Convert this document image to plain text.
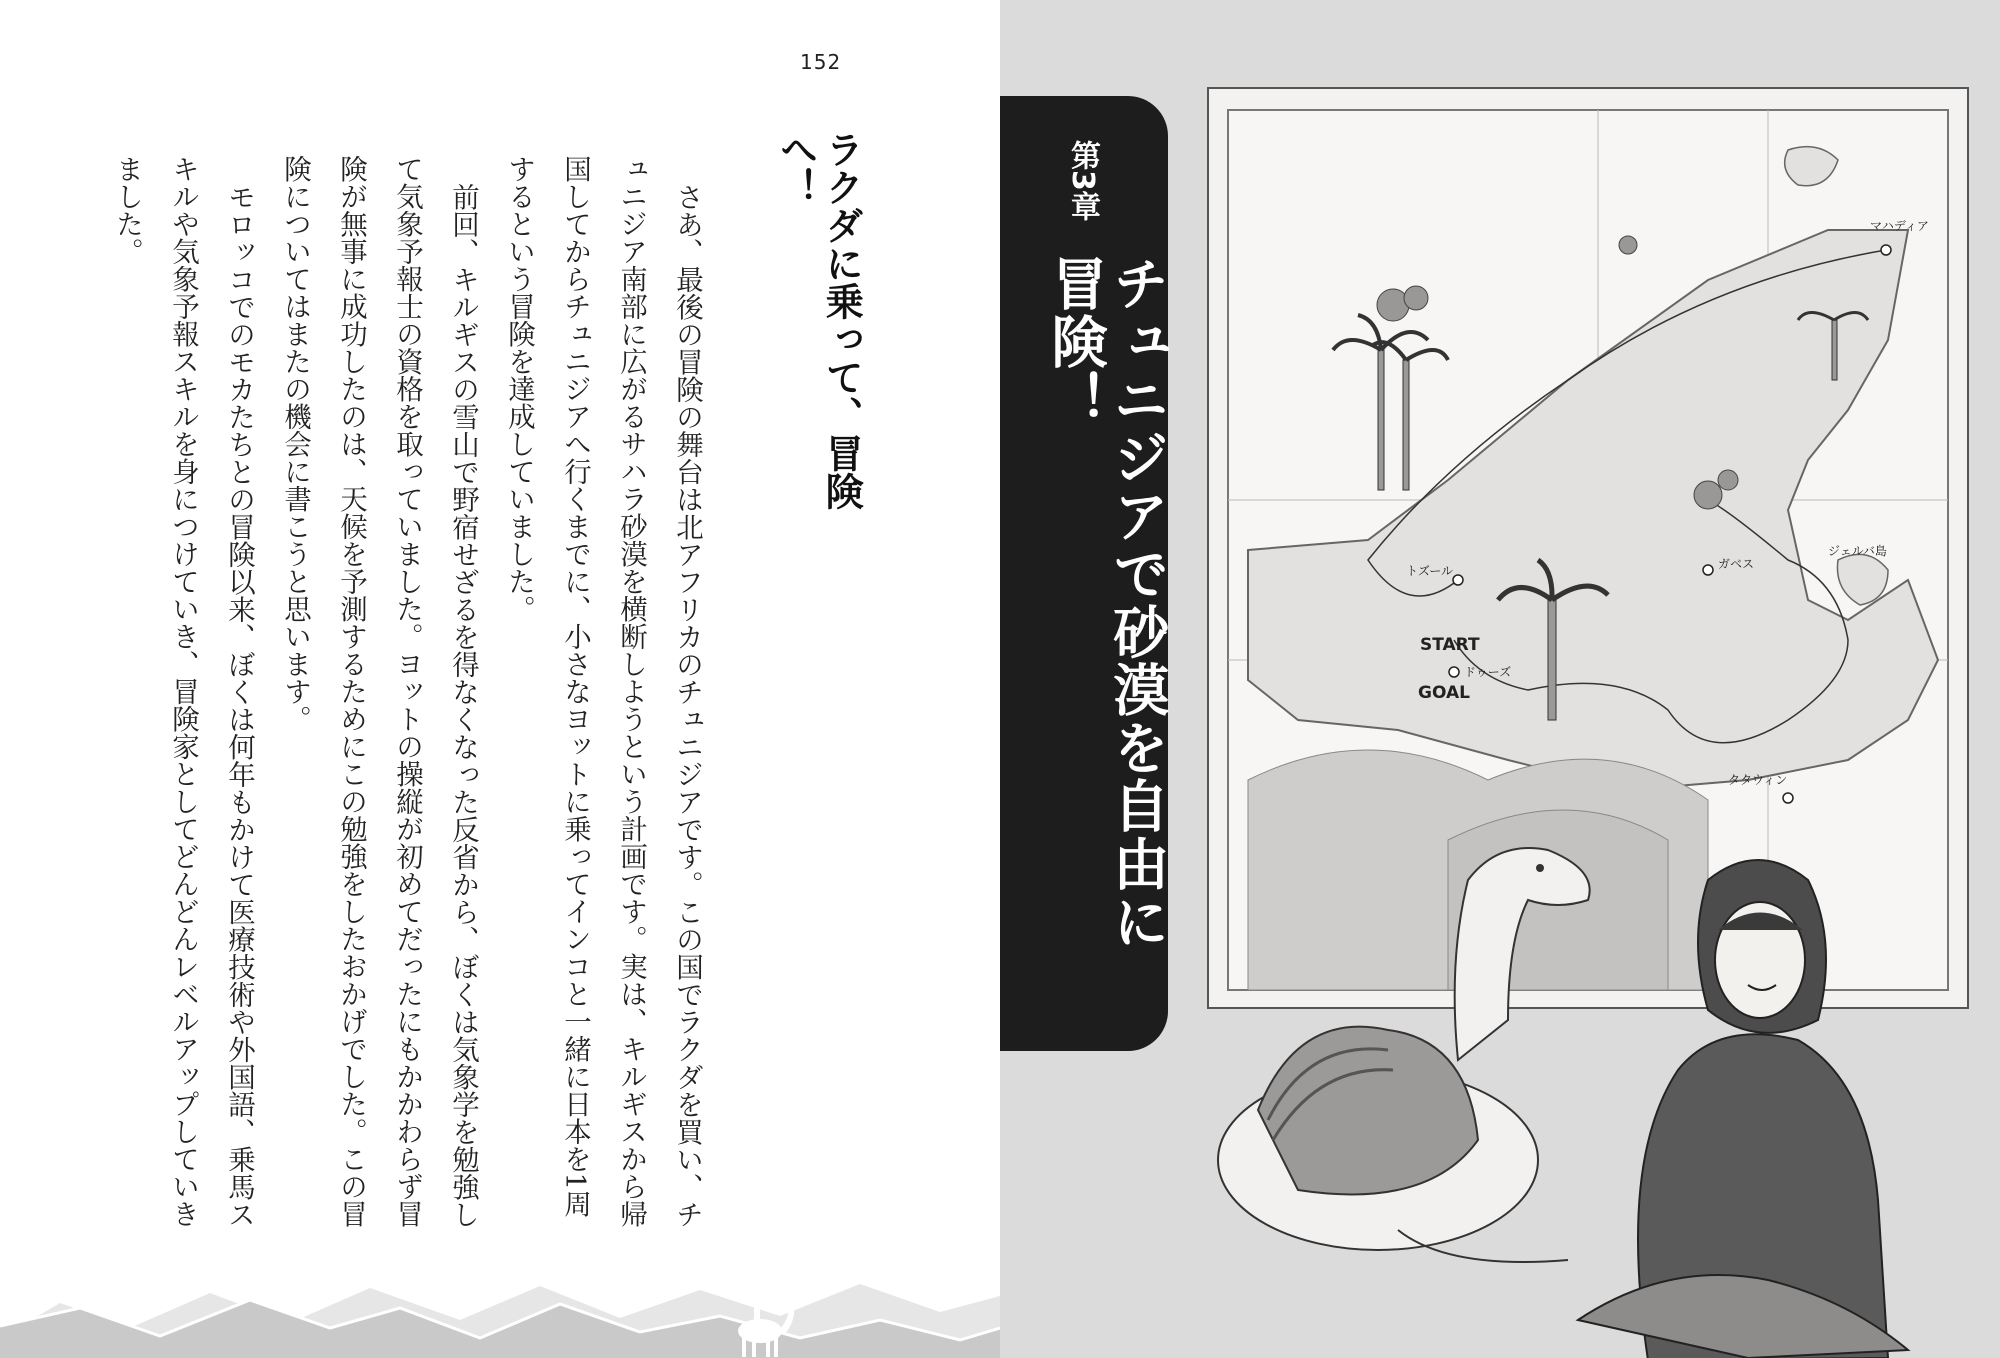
152
ラクダに乗って、冒険へ！

さあ、最後の冒険の舞台は北アフリカのチュニジアです。この国でラクダを買い、チュニジア南部に広がるサハラ砂漠を横断しようという計画です。実は、キルギスから帰国してからチュニジアへ行くまでに、小さなヨットに乗ってインコと一緒に日本を1周するという冒険を達成していました。

前回、キルギスの雪山で野宿せざるを得なくなった反省から、ぼくは気象学を勉強して気象予報士の資格を取っていました。ヨットの操縦が初めてだったにもかかわらず冒険が無事に成功したのは、天候を予測するためにこの勉強をしたおかげでした。この冒険についてはまたの機会に書こうと思います。

モロッコでのモカたちとの冒険以来、ぼくは何年もかけて医療技術や外国語、乗馬スキルや気象予報スキルを身につけていき、冒険家としてどんどんレベルアップしていきました。

トズール	ガベス
ジェルバ島
ドゥーズ
タタウィン
マハディア
START
GOAL
第3章
チュニジアで砂漠を自由に冒険！
